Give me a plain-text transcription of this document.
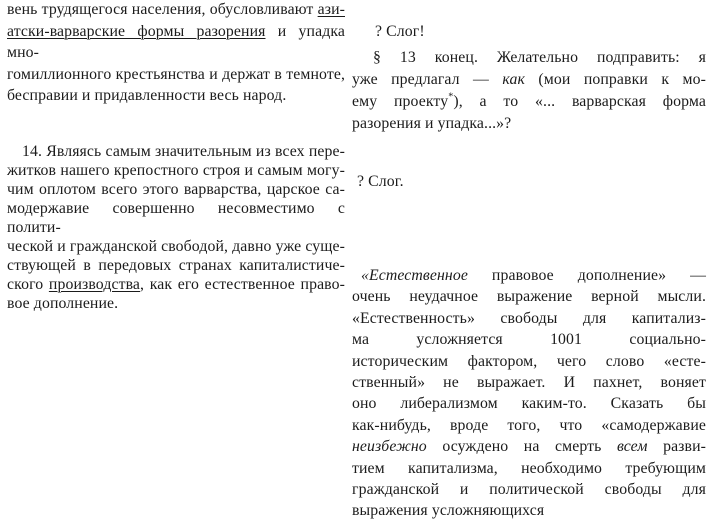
вень трудящегося населения, обусловливают ази-
атски-варварские формы разорения и упадка мно-
гомиллионного крестьянства и держат в темноте,
бесправии и придавленности весь народ.
14. Являясь самым значительным из всех пере-
житков нашего крепостного строя и самым могу-
чим оплотом всего этого варварства, царское са-
модержавие совершенно несовместимо с полити-
ческой и гражданской свободой, давно уже суще-
ствующей в передовых странах капиталистиче-
ского производства, как его естественное право-
вое дополнение.
? Слог!
§ 13 конец. Желательно подправить: я
уже предлагал — как (мои поправки к мо-
ему проекту*), а то «... варварская форма
разорения и упадка...»?
? Слог.
«Естественное правовое дополнение» —
очень неудачное выражение верной мысли.
«Естественность» свободы для капитализ-
ма усложняется 1001 социально-
историческим фактором, чего слово «есте-
ственный» не выражает. И пахнет, воняет
оно либерализмом каким-то. Сказать бы
как-нибудь, вроде того, что «самодержавие
неизбежно осуждено на смерть всем разви-
тием капитализма, необходимо требующим
гражданской и политической свободы для
выражения усложняющихся
